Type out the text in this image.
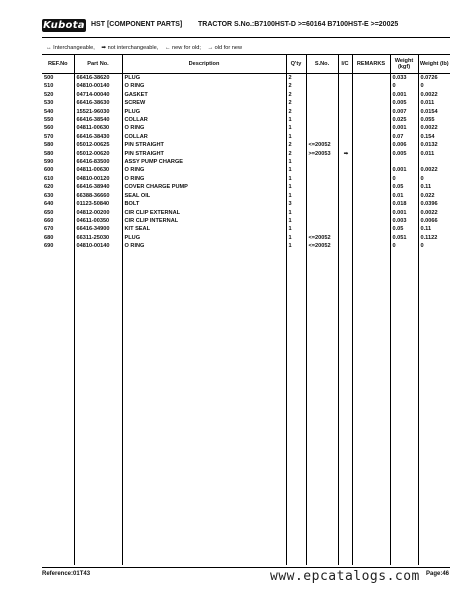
Kubota HST [COMPONENT PARTS] TRACTOR S.No.:B7100HST-D >=60164 B7100HST-E >=20025
↔ Interchangeable, ➡ not interchangeable, ← new for old; → old for new
REF.No	Part No.	Description	Q'ty	S.No.	I/C	REMARKS	Weight (kgf)	Weight (lb)
500	66416-38620	PLUG	2				0.033	0.0726
510	04810-00140	O RING	2				0	0
520	04714-00040	GASKET	2				0.001	0.0022
530	66416-38630	SCREW	2				0.005	0.011
540	15521-96030	PLUG	2				0.007	0.0154
550	66416-38540	COLLAR	1				0.025	0.055
560	04811-00630	O RING	1				0.001	0.0022
570	66416-38430	COLLAR	1				0.07	0.154
580	05012-00625	PIN STRAIGHT	2	<=20052			0.006	0.0132
580	05012-00620	PIN STRAIGHT	2	>=20053	➡		0.005	0.011
590	66416-83500	ASSY PUMP CHARGE	1					
600	04811-00630	O RING	1				0.001	0.0022
610	04810-00120	O RING	1				0	0
620	66416-38940	COVER CHARGE PUMP	1				0.05	0.11
630	66388-36660	SEAL OIL	1				0.01	0.022
640	01123-50840	BOLT	3				0.018	0.0396
650	04812-00200	CIR CLIP EXTERNAL	1				0.001	0.0022
660	04611-00350	CIR CLIP INTERNAL	1				0.003	0.0066
670	66416-34900	KIT SEAL	1				0.05	0.11
680	66311-25030	PLUG	1	<=20052			0.051	0.1122
690	04810-00140	O RING	1	<=20052			0	0

Reference:01T43	www.epcatalogs.com Page:46
